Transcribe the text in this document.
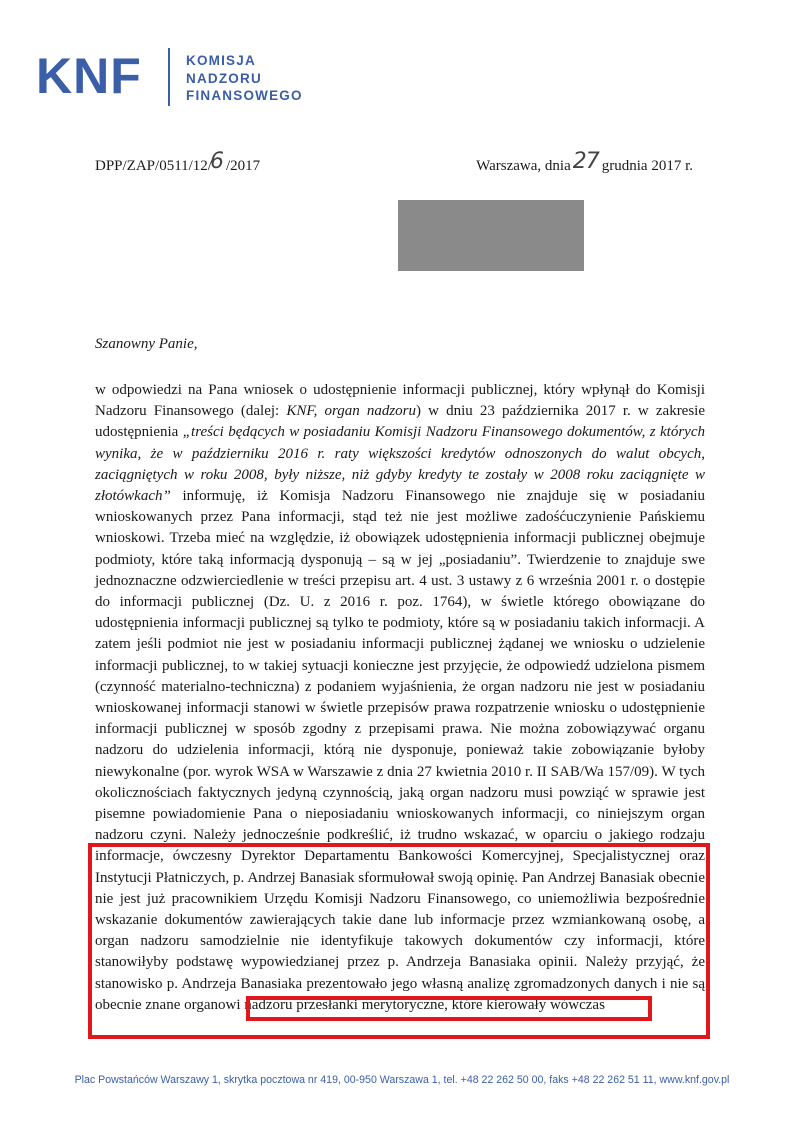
KNF	KOMISJA
NADZORU
FINANSOWEGO
DPP/ZAP/0511/12/6 /2017	Warszawa, dnia27 grudnia 2017 r.
Szanowny Panie,

w odpowiedzi na Pana wniosek o udostępnienie informacji publicznej, który wpłynął do Komisji Nadzoru Finansowego (dalej: KNF, organ nadzoru) w dniu 23 października 2017 r. w zakresie udostępnienia „treści będących w posiadaniu Komisji Nadzoru Finansowego dokumentów, z których wynika, że w październiku 2016 r. raty większości kredytów odnoszonych do walut obcych, zaciągniętych w roku 2008, były niższe, niż gdyby kredyty te zostały w 2008 roku zaciągnięte w złotówkach” informuję, iż Komisja Nadzoru Finansowego nie znajduje się w posiadaniu wnioskowanych przez Pana informacji, stąd też nie jest możliwe zadośćuczynienie Pańskiemu wnioskowi. Trzeba mieć na względzie, iż obowiązek udostępnienia informacji publicznej obejmuje podmioty, które taką informacją dysponują – są w jej „posiadaniu”. Twierdzenie to znajduje swe jednoznaczne odzwierciedlenie w treści przepisu art. 4 ust. 3 ustawy z 6 września 2001 r. o dostępie do informacji publicznej (Dz. U. z 2016 r. poz. 1764), w świetle którego obowiązane do udostępnienia informacji publicznej są tylko te podmioty, które są w posiadaniu takich informacji. A zatem jeśli podmiot nie jest w posiadaniu informacji publicznej żądanej we wniosku o udzielenie informacji publicznej, to w takiej sytuacji konieczne jest przyjęcie, że odpowiedź udzielona pismem (czynność materialno-techniczna) z podaniem wyjaśnienia, że organ nadzoru nie jest w posiadaniu wnioskowanej informacji stanowi w świetle przepisów prawa rozpatrzenie wniosku o udostępnienie informacji publicznej w sposób zgodny z przepisami prawa. Nie można zobowiązywać organu nadzoru do udzielenia informacji, którą nie dysponuje, ponieważ takie zobowiązanie byłoby niewykonalne (por. wyrok WSA w Warszawie z dnia 27 kwietnia 2010 r. II SAB/Wa 157/09). W tych okolicznościach faktycznych jedyną czynnością, jaką organ nadzoru musi powziąć w sprawie jest pisemne powiadomienie Pana o nieposiadaniu wnioskowanych informacji, co niniejszym organ nadzoru czyni. Należy jednocześnie podkreślić, iż trudno wskazać, w oparciu o jakiego rodzaju informacje, ówczesny Dyrektor Departamentu Bankowości Komercyjnej, Specjalistycznej oraz Instytucji Płatniczych, p. Andrzej Banasiak sformułował swoją opinię. Pan Andrzej Banasiak obecnie nie jest już pracownikiem Urzędu Komisji Nadzoru Finansowego, co uniemożliwia bezpośrednie wskazanie dokumentów zawierających takie dane lub informacje przez wzmiankowaną osobę, a organ nadzoru samodzielnie nie identyfikuje takowych dokumentów czy informacji, które stanowiłyby podstawę wypowiedzianej przez p. Andrzeja Banasiaka opinii. Należy przyjąć, że stanowisko p. Andrzeja Banasiaka prezentowało jego własną analizę zgromadzonych danych i nie są obecnie znane organowi nadzoru przesłanki merytoryczne, które kierowały wówczas

Plac Powstańców Warszawy 1, skrytka pocztowa nr 419, 00-950 Warszawa 1, tel. +48 22 262 50 00, faks +48 22 262 51 11, www.knf.gov.pl
